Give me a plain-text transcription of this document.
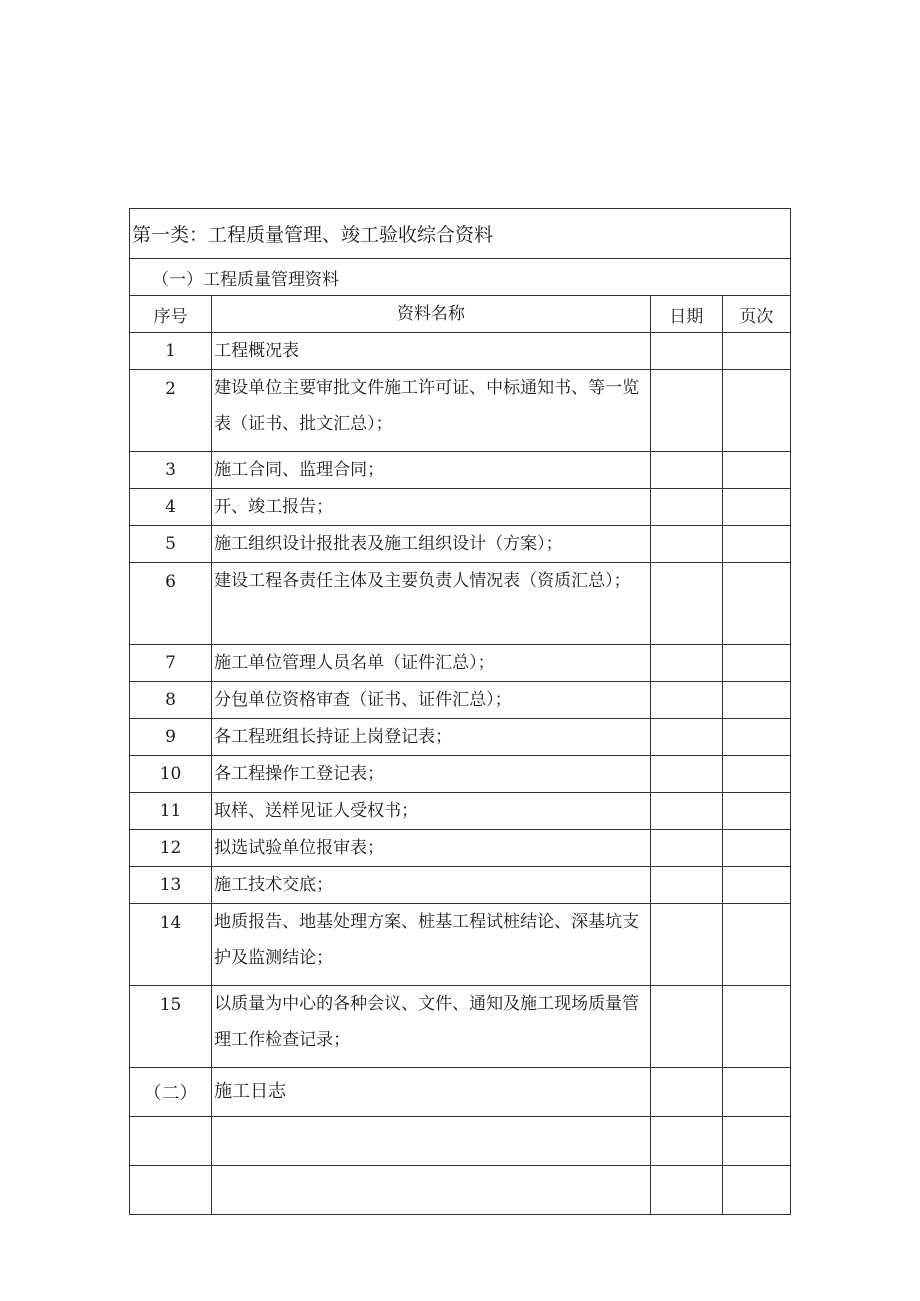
第一类：工程质量管理、竣工验收综合资料			
（一）工程质量管理资料			
序号	资料名称	日期	页次
1	工程概况表		
2	建设单位主要审批文件施工许可证、中标通知书、等一览表（证书、批文汇总）；		
3	施工合同、监理合同；		
4	开、竣工报告；		
5	施工组织设计报批表及施工组织设计（方案）；		
6	建设工程各责任主体及主要负责人情况表（资质汇总）；		
7	施工单位管理人员名单（证件汇总）；		
8	分包单位资格审查（证书、证件汇总）；		
9	各工程班组长持证上岗登记表；		
10	各工程操作工登记表；		
11	取样、送样见证人受权书；		
12	拟选试验单位报审表；		
13	施工技术交底；		
14	地质报告、地基处理方案、桩基工程试桩结论、深基坑支护及监测结论；		
15	以质量为中心的各种会议、文件、通知及施工现场质量管理工作检查记录；		
（二）	施工日志		
